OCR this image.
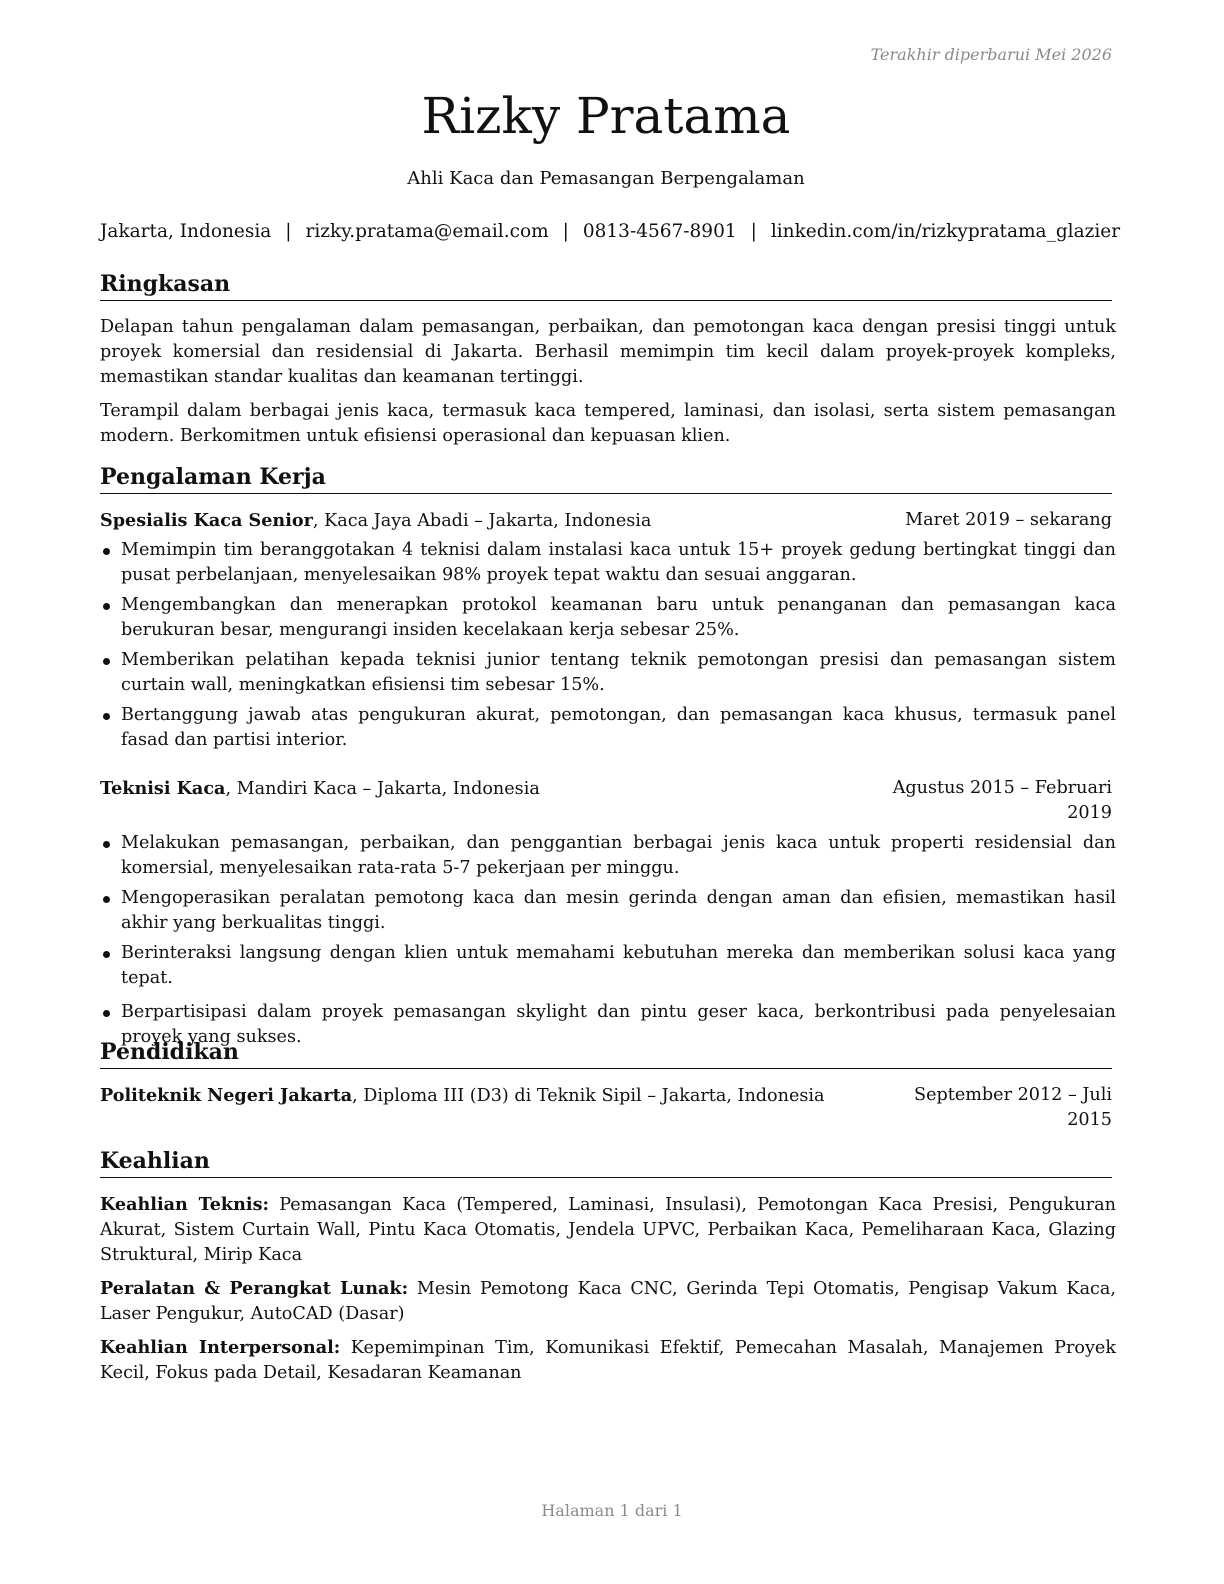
Terakhir diperbarui Mei 2026
Rizky Pratama
Ahli Kaca dan Pemasangan Berpengalaman
Jakarta, Indonesia | rizky.pratama@email.com | 0813-4567-8901 | linkedin.com/in/rizkypratama_glazier
Ringkasan
Delapan tahun pengalaman dalam pemasangan, perbaikan, dan pemotongan kaca dengan presisi tinggi untuk proyek komersial dan residensial di Jakarta. Berhasil memimpin tim kecil dalam proyek-proyek kompleks, memastikan standar kualitas dan keamanan tertinggi.
Terampil dalam berbagai jenis kaca, termasuk kaca tempered, laminasi, dan isolasi, serta sistem pemasangan modern. Berkomitmen untuk efisiensi operasional dan kepuasan klien.
Pengalaman Kerja
Spesialis Kaca Senior, Kaca Jaya Abadi – Jakarta, Indonesia	Maret 2019 – sekarang
Memimpin tim beranggotakan 4 teknisi dalam instalasi kaca untuk 15+ proyek gedung bertingkat tinggi dan pusat perbelanjaan, menyelesaikan 98% proyek tepat waktu dan sesuai anggaran.
Mengembangkan dan menerapkan protokol keamanan baru untuk penanganan dan pemasangan kaca berukuran besar, mengurangi insiden kecelakaan kerja sebesar 25%.
Memberikan pelatihan kepada teknisi junior tentang teknik pemotongan presisi dan pemasangan sistem curtain wall, meningkatkan efisiensi tim sebesar 15%.
Bertanggung jawab atas pengukuran akurat, pemotongan, dan pemasangan kaca khusus, termasuk panel fasad dan partisi interior.
Teknisi Kaca, Mandiri Kaca – Jakarta, Indonesia	Agustus 2015 – Februari
2019
Melakukan pemasangan, perbaikan, dan penggantian berbagai jenis kaca untuk properti residensial dan komersial, menyelesaikan rata-rata 5-7 pekerjaan per minggu.
Mengoperasikan peralatan pemotong kaca dan mesin gerinda dengan aman dan efisien, memastikan hasil akhir yang berkualitas tinggi.
Berinteraksi langsung dengan klien untuk memahami kebutuhan mereka dan memberikan solusi kaca yang tepat.
Berpartisipasi dalam proyek pemasangan skylight dan pintu geser kaca, berkontribusi pada penyelesaian proyek yang sukses.
Pendidikan
Politeknik Negeri Jakarta, Diploma III (D3) di Teknik Sipil – Jakarta, Indonesia	September 2012 – Juli
2015
Keahlian
Keahlian Teknis: Pemasangan Kaca (Tempered, Laminasi, Insulasi), Pemotongan Kaca Presisi, Pengukuran Akurat, Sistem Curtain Wall, Pintu Kaca Otomatis, Jendela UPVC, Perbaikan Kaca, Pemeliharaan Kaca, Glazing Struktural, Mirip Kaca
Peralatan & Perangkat Lunak: Mesin Pemotong Kaca CNC, Gerinda Tepi Otomatis, Pengisap Vakum Kaca, Laser Pengukur, AutoCAD (Dasar)
Keahlian Interpersonal: Kepemimpinan Tim, Komunikasi Efektif, Pemecahan Masalah, Manajemen Proyek Kecil, Fokus pada Detail, Kesadaran Keamanan
Halaman 1 dari 1
